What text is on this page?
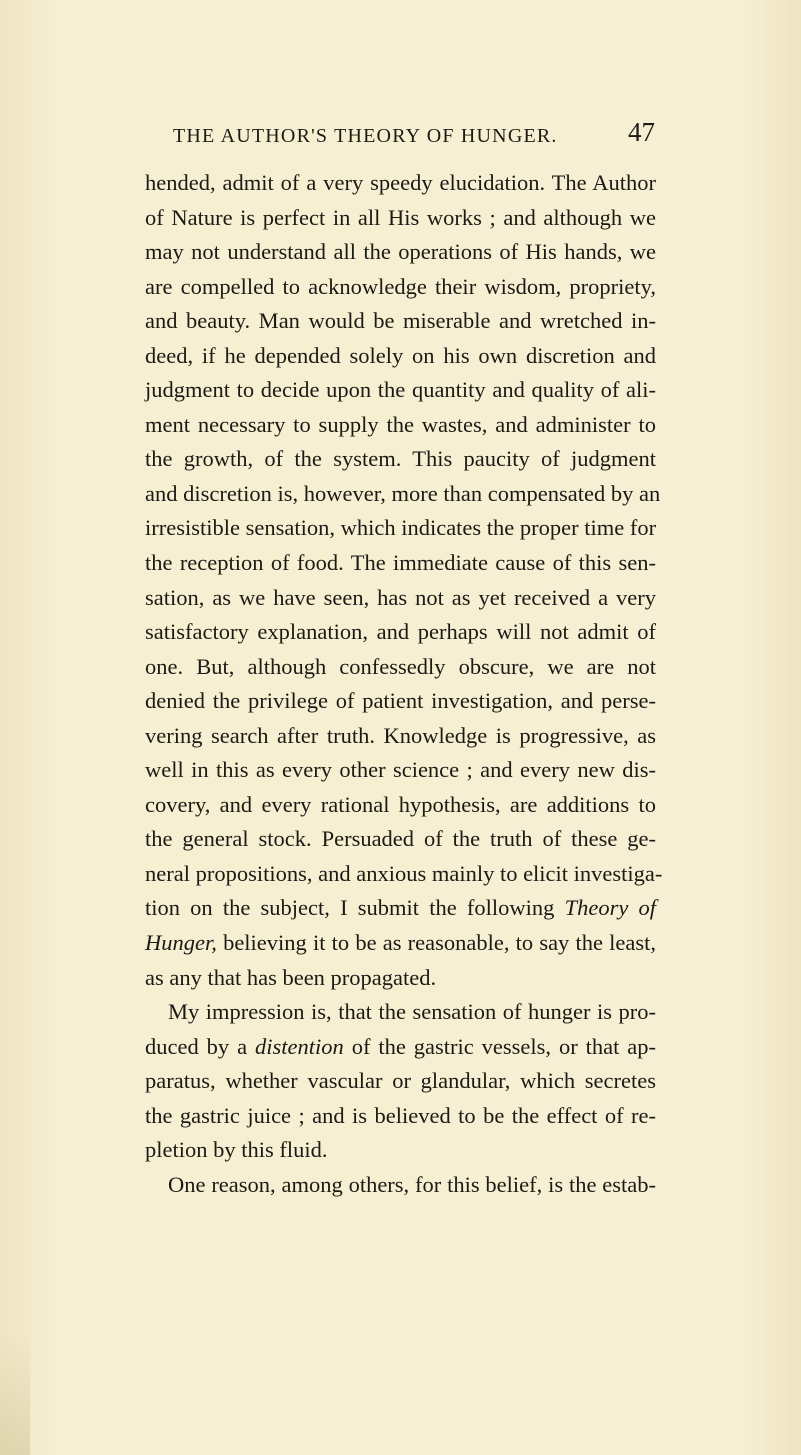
THE AUTHOR'S THEORY OF HUNGER.	47
hended, admit of a very speedy elucidation. The Author
of Nature is perfect in all His works ; and although we
may not understand all the operations of His hands, we
are compelled to acknowledge their wisdom, propriety,
and beauty. Man would be miserable and wretched in-
deed, if he depended solely on his own discretion and
judgment to decide upon the quantity and quality of ali-
ment necessary to supply the wastes, and administer to
the growth, of the system. This paucity of judgment
and discretion is, however, more than compensated by an
irresistible sensation, which indicates the proper time for
the reception of food. The immediate cause of this sen-
sation, as we have seen, has not as yet received a very
satisfactory explanation, and perhaps will not admit of
one. But, although confessedly obscure, we are not
denied the privilege of patient investigation, and perse-
vering search after truth. Knowledge is progressive, as
well in this as every other science ; and every new dis-
covery, and every rational hypothesis, are additions to
the general stock. Persuaded of the truth of these ge-
neral propositions, and anxious mainly to elicit investiga-
tion on the subject, I submit the following Theory of
Hunger, believing it to be as reasonable, to say the least,
as any that has been propagated.
My impression is, that the sensation of hunger is pro-
duced by a distention of the gastric vessels, or that ap-
paratus, whether vascular or glandular, which secretes
the gastric juice ; and is believed to be the effect of re-
pletion by this fluid.
One reason, among others, for this belief, is the estab-
